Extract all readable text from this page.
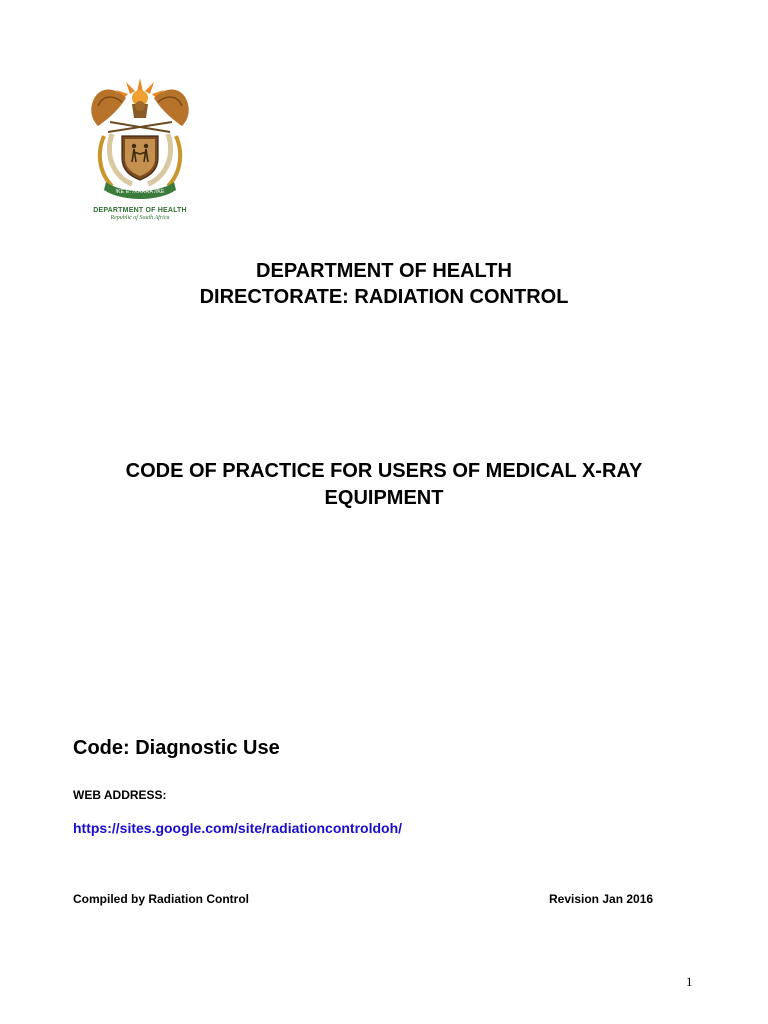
!KE E: /XARRA //KE
DEPARTMENT OF HEALTH
Republic of South Africa
DEPARTMENT OF HEALTH
DIRECTORATE: RADIATION CONTROL
CODE OF PRACTICE FOR USERS OF MEDICAL X-RAY
EQUIPMENT
Code: Diagnostic Use
WEB ADDRESS:
https://sites.google.com/site/radiationcontroldoh/
Compiled by Radiation Control	Revision Jan 2016
1
